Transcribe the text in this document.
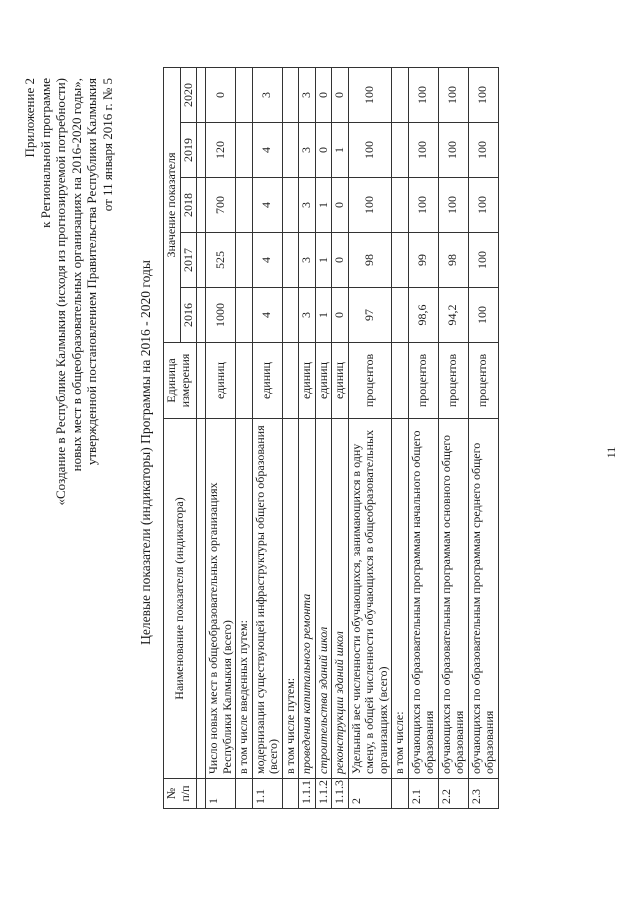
Приложение 2 к Региональной программе «Создание в Республике Калмыкия (исходя из прогнозируемой потребности) новых мест в общеобразовательных организациях на 2016-2020 годы», утвержденной постановлением Правительства Республики Калмыкия от 11 января 2016 г. № 5
Целевые показатели (индикаторы) Программы на 2016 - 2020 годы
№ п/п	Наименование показателя (индикатора)	Единица измерения	Значение показателя				
			2016	2017	2018	2019	2020

1	Число новых мест в общеобразовательных организациях Республики Калмыкия (всего)	единиц	1000	525	700	120	0
	в том числе введенных путем:						
1.1	модернизации существующей инфраструктуры общего образования (всего)	единиц	4	4	4	4	3
	в том числе путем:						
1.1.1	проведения капитального ремонта	единиц	3	3	3	3	3
1.1.2	строительства зданий школ	единиц	1	1	1	0	0
1.1.3	реконструкции зданий школ	единиц	0	0	0	1	0
2	Удельный вес численности обучающихся, занимающихся в одну смену, в общей численности обучающихся в общеобразовательных организациях (всего)	процентов	97	98	100	100	100
	в том числе:						
2.1	обучающихся по образовательным программам начального общего образования	процентов	98,6	99	100	100	100
2.2	обучающихся по образовательным программам основного общего образования	процентов	94,2	98	100	100	100
2.3	обучающихся по образовательным программам среднего общего образования	процентов	100	100	100	100	100
11
